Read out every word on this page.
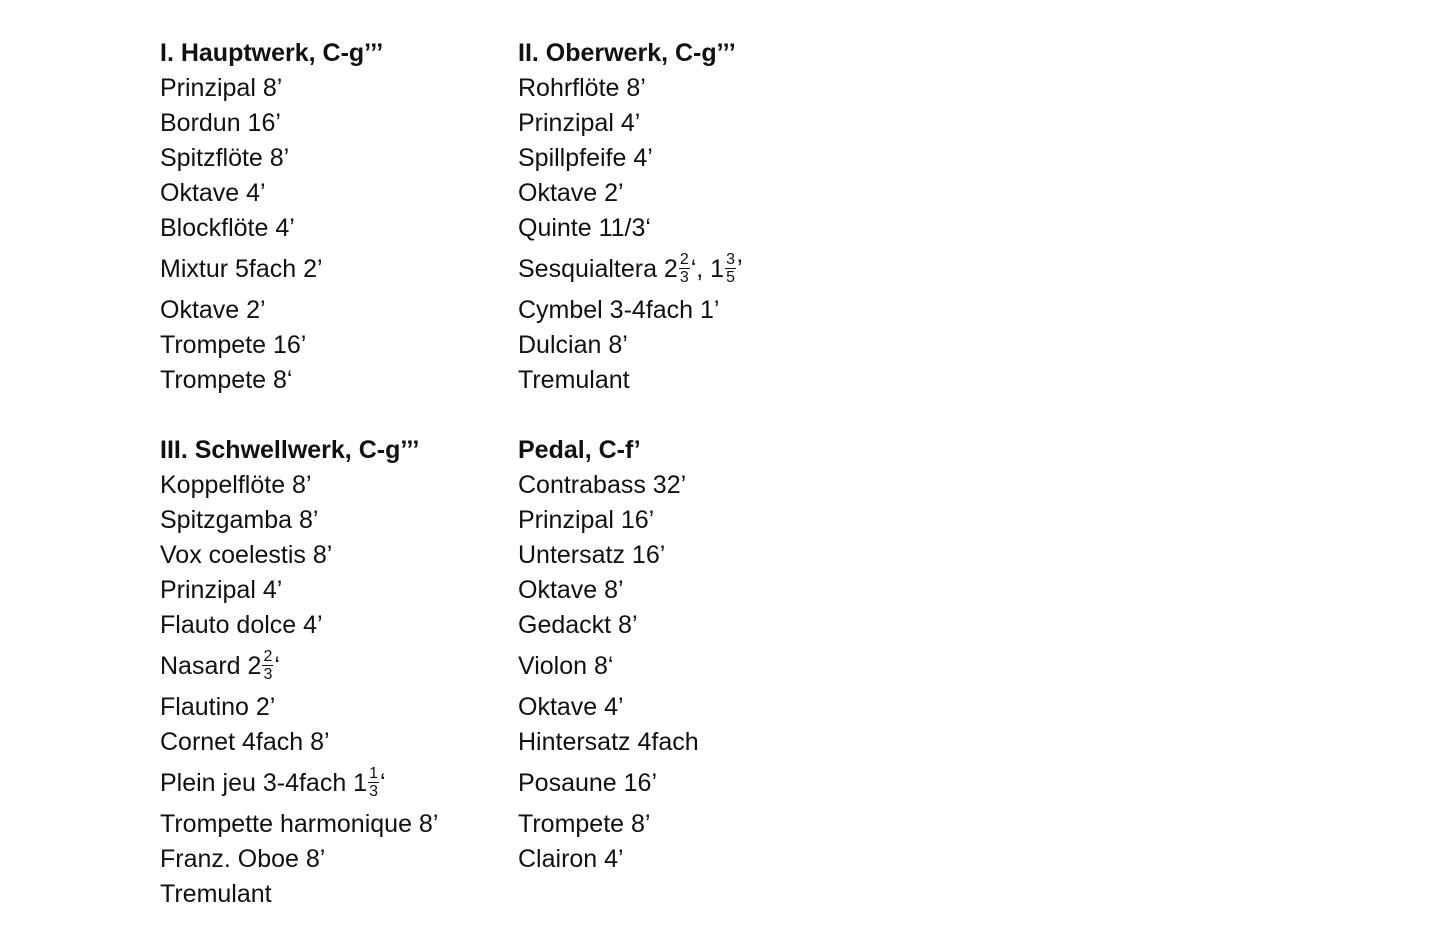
I. Hauptwerk, C-g’’’
Prinzipal 8’
Bordun 16’
Spitzflöte 8’
Oktave 4’
Blockflöte 4’
Mixtur 5fach 2’
Oktave 2’
Trompete 16’
Trompete 8‘
II. Oberwerk, C-g’’’
Rohrflöte 8’
Prinzipal 4’
Spillpfeife 4’
Oktave 2’
Quinte 11/3‘
Sesquialtera $2 \frac{2}{3}$ ‘, $1 \frac{3}{5}$ ’
Cymbel 3-4fach 1’
Dulcian 8’
Tremulant
III. Schwellwerk, C-g’’’
Koppelflöte 8’
Spitzgamba 8’
Vox coelestis 8’
Prinzipal 4’
Flauto dolce 4’
Nasard $2 \frac{2}{3}$ ‘
Flautino 2’
Cornet 4fach 8’
Plein jeu 3-4fach $1 \frac{1}{3}$ ‘
Trompette harmonique 8’
Franz. Oboe 8’
Tremulant
Pedal, C-f’
Contrabass 32’
Prinzipal 16’
Untersatz 16’
Oktave 8’
Gedackt 8’
Violon 8‘
Oktave 4’
Hintersatz 4fach
Posaune 16’
Trompete 8’
Clairon 4’
